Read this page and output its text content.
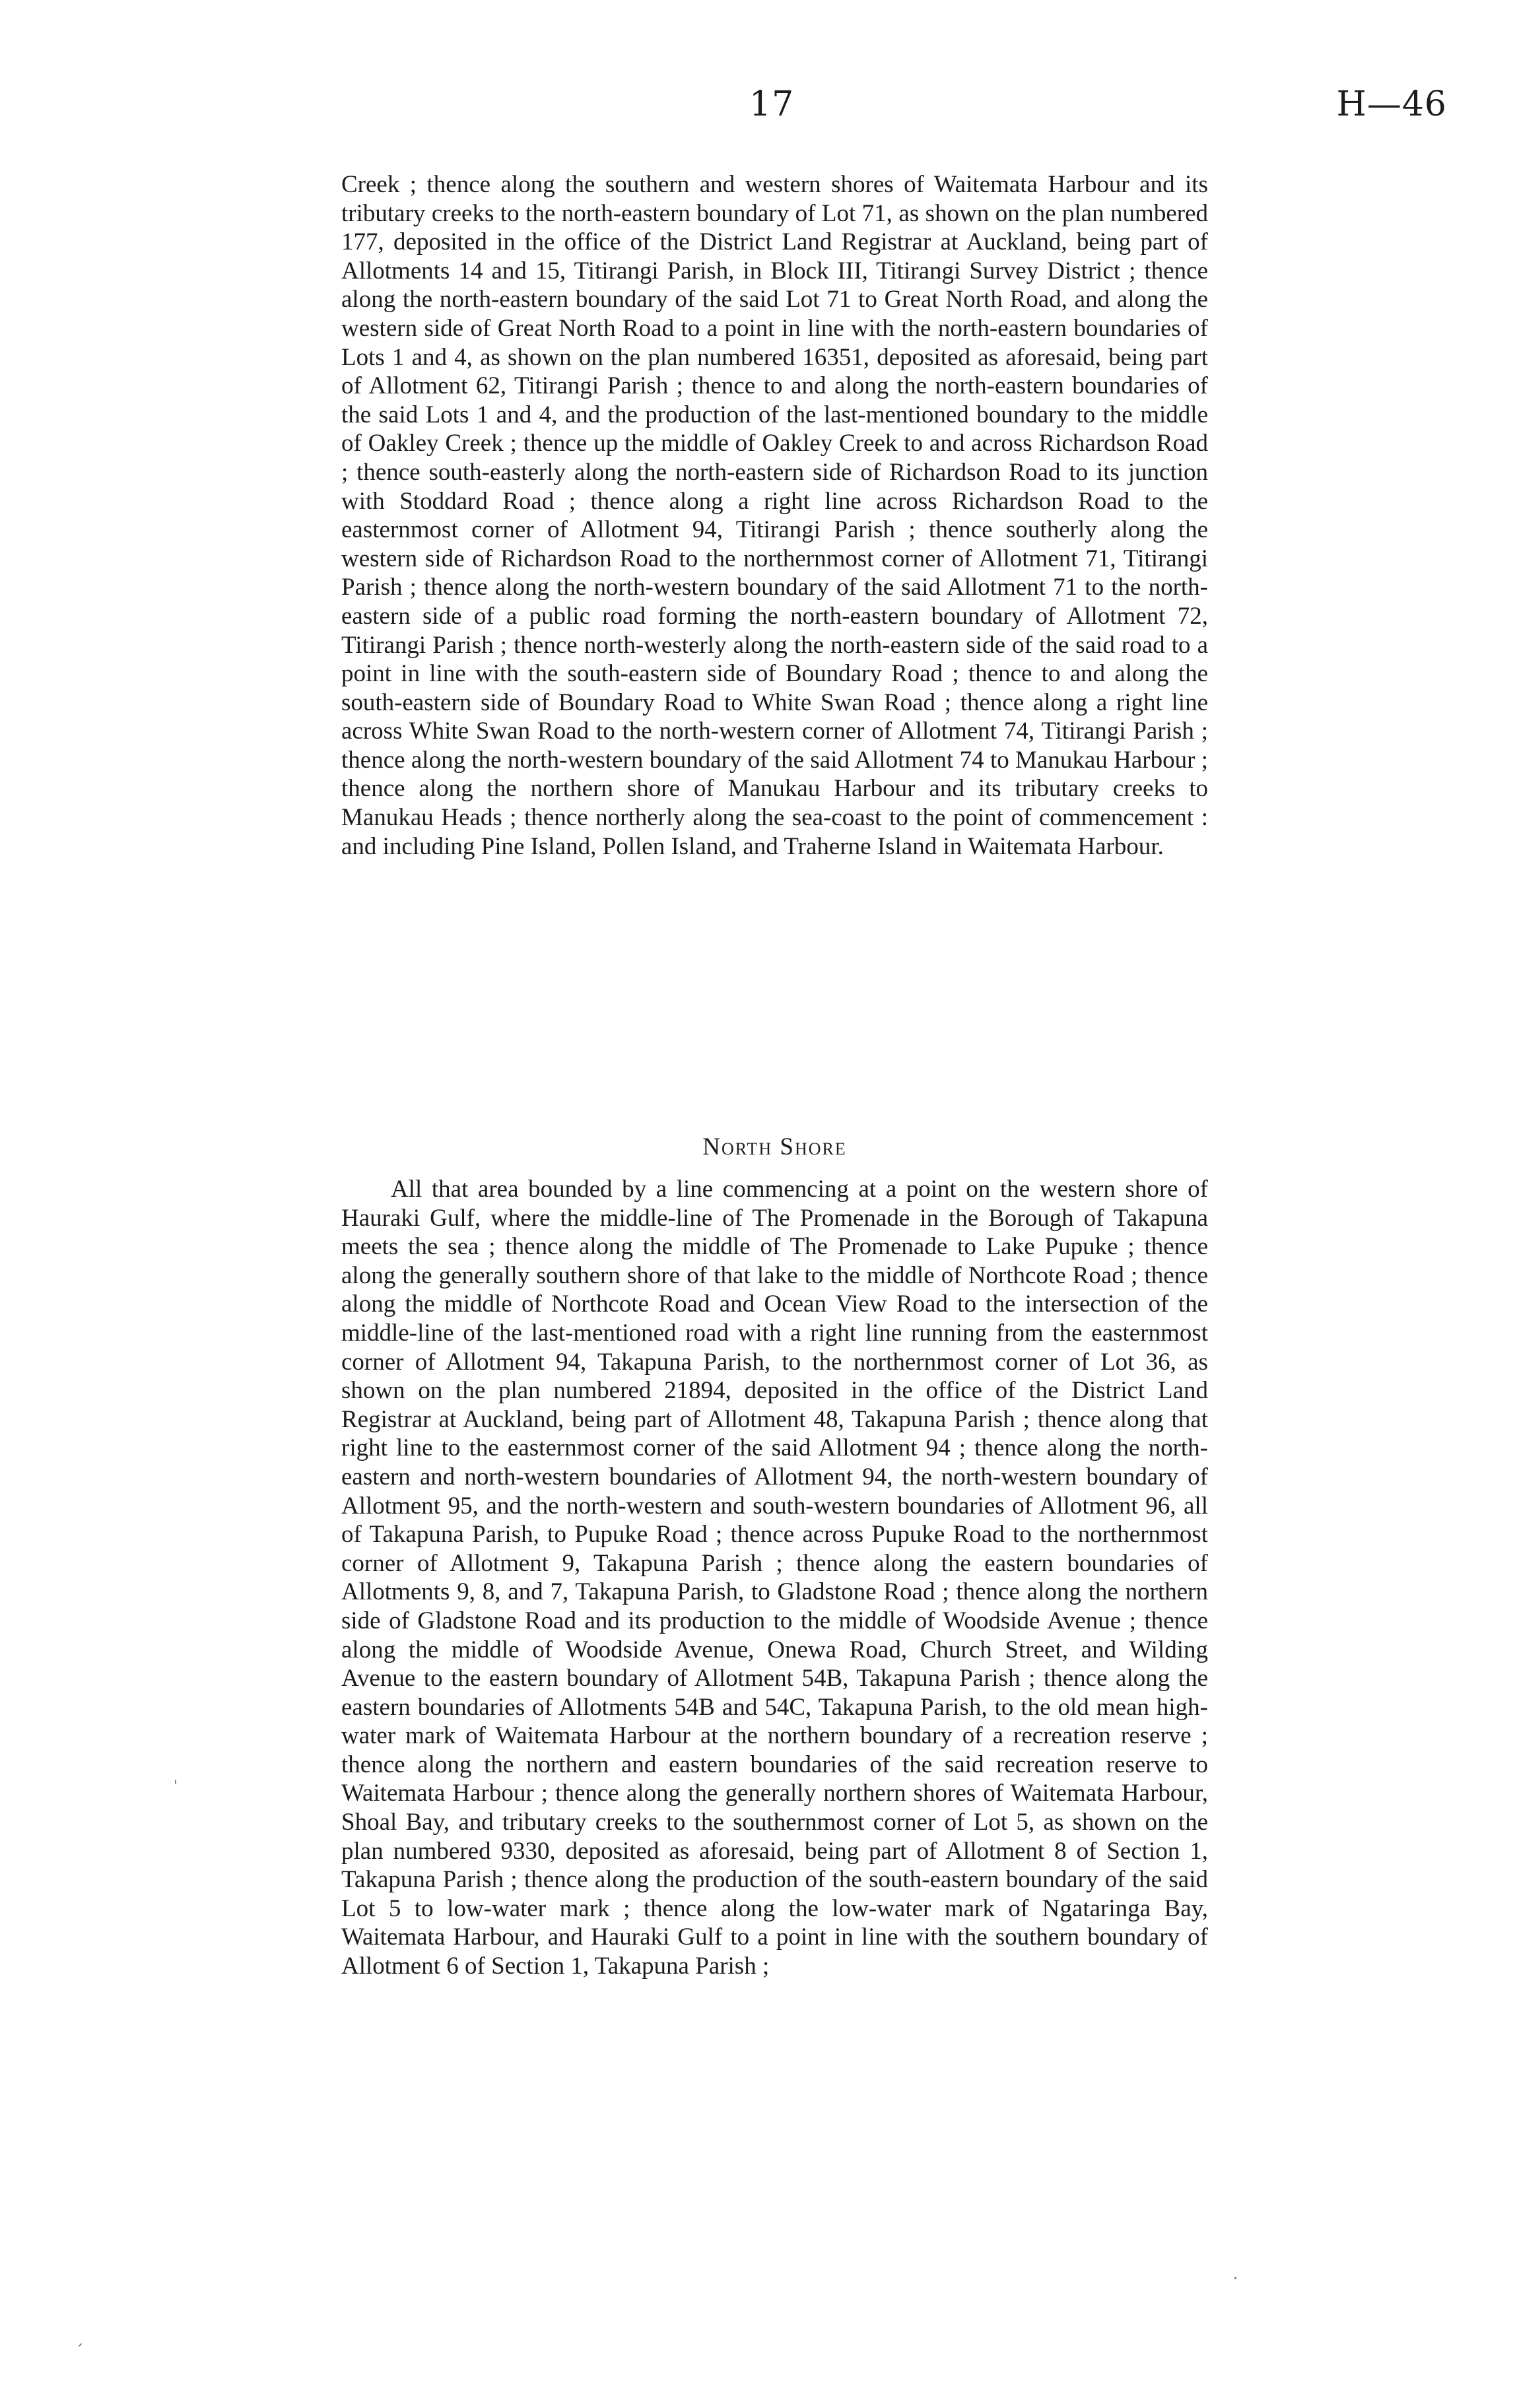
17	H—46

Creek ; thence along the southern and western shores of Waitemata Harbour and its tributary creeks to the north-eastern boundary of Lot 71, as shown on the plan numbered 177, deposited in the office of the District Land Registrar at Auckland, being part of Allotments 14 and 15, Titirangi Parish, in Block III, Titirangi Survey District ; thence along the north-eastern boundary of the said Lot 71 to Great North Road, and along the western side of Great North Road to a point in line with the north-eastern boundaries of Lots 1 and 4, as shown on the plan numbered 16351, deposited as aforesaid, being part of Allotment 62, Titirangi Parish ; thence to and along the north-eastern boundaries of the said Lots 1 and 4, and the production of the last-mentioned boundary to the middle of Oakley Creek ; thence up the middle of Oakley Creek to and across Richardson Road ; thence south-easterly along the north-eastern side of Richardson Road to its junction with Stoddard Road ; thence along a right line across Richardson Road to the easternmost corner of Allotment 94, Titirangi Parish ; thence southerly along the western side of Richardson Road to the northernmost corner of Allotment 71, Titirangi Parish ; thence along the north-western boundary of the said Allotment 71 to the north-eastern side of a public road forming the north-eastern boundary of Allotment 72, Titirangi Parish ; thence north-westerly along the north-eastern side of the said road to a point in line with the south-eastern side of Boundary Road ; thence to and along the south-eastern side of Boundary Road to White Swan Road ; thence along a right line across White Swan Road to the north-western corner of Allotment 74, Titirangi Parish ; thence along the north-western boundary of the said Allotment 74 to Manukau Harbour ; thence along the northern shore of Manukau Harbour and its tributary creeks to Manukau Heads ; thence northerly along the sea-coast to the point of commencement : and including Pine Island, Pollen Island, and Traherne Island in Waitemata Harbour.

North Shore

All that area bounded by a line commencing at a point on the western shore of Hauraki Gulf, where the middle-line of The Promenade in the Borough of Takapuna meets the sea ; thence along the middle of The Promenade to Lake Pupuke ; thence along the generally southern shore of that lake to the middle of Northcote Road ; thence along the middle of Northcote Road and Ocean View Road to the intersection of the middle-line of the last-mentioned road with a right line running from the easternmost corner of Allotment 94, Takapuna Parish, to the northernmost corner of Lot 36, as shown on the plan numbered 21894, deposited in the office of the District Land Registrar at Auckland, being part of Allotment 48, Takapuna Parish ; thence along that right line to the easternmost corner of the said Allotment 94 ; thence along the north-eastern and north-western boundaries of Allotment 94, the north-western boundary of Allotment 95, and the north-western and south-western boundaries of Allotment 96, all of Takapuna Parish, to Pupuke Road ; thence across Pupuke Road to the northernmost corner of Allotment 9, Takapuna Parish ; thence along the eastern boundaries of Allotments 9, 8, and 7, Takapuna Parish, to Gladstone Road ; thence along the northern side of Gladstone Road and its production to the middle of Woodside Avenue ; thence along the middle of Woodside Avenue, Onewa Road, Church Street, and Wilding Avenue to the eastern boundary of Allotment 54B, Takapuna Parish ; thence along the eastern boundaries of Allotments 54B and 54C, Takapuna Parish, to the old mean high-water mark of Waitemata Harbour at the northern boundary of a recreation reserve ; thence along the northern and eastern boundaries of the said recreation reserve to Waitemata Harbour ; thence along the generally northern shores of Waitemata Harbour, Shoal Bay, and tributary creeks to the southernmost corner of Lot 5, as shown on the plan numbered 9330, deposited as aforesaid, being part of Allotment 8 of Section 1, Takapuna Parish ; thence along the production of the south-eastern boundary of the said Lot 5 to low-water mark ; thence along the low-water mark of Ngataringa Bay, Waitemata Harbour, and Hauraki Gulf to a point in line with the southern boundary of Allotment 6 of Section 1, Takapuna Parish ;

ˌ
ˏ
·
